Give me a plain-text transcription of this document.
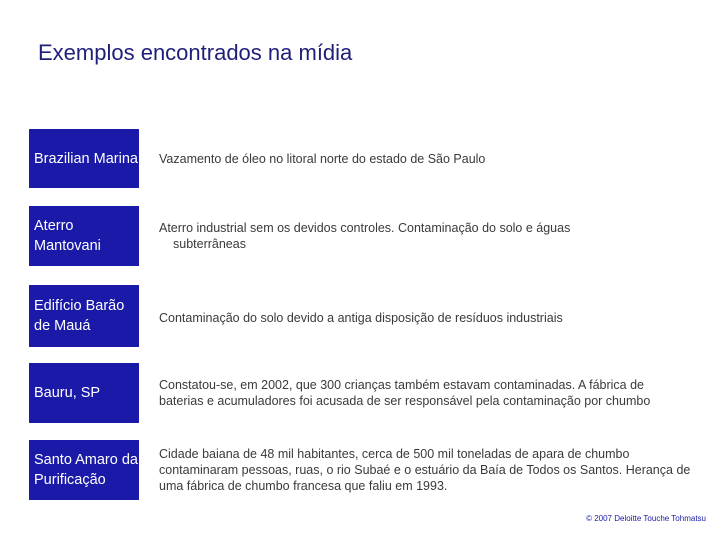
Exemplos encontrados na mídia
Brazilian Marina Vazamento de óleo no litoral norte do estado de São Paulo
Aterro Mantovani
Aterro industrial sem os devidos controles. Contaminação do solo e águas subterrâneas
Edifício Barão de Mauá	Contaminação do solo devido a antiga disposição de resíduos industriais
Bauru, SP	Constatou-se, em 2002, que 300 crianças também estavam contaminadas. A fábrica de baterias e acumuladores foi acusada de ser responsável pela contaminação por chumbo
Santo Amaro da Purificação
Cidade baiana de 48 mil habitantes, cerca de 500 mil toneladas de apara de chumbo contaminaram pessoas, ruas, o rio Subaé e o estuário da Baía de Todos os Santos. Herança de uma fábrica de chumbo francesa que faliu em 1993.
© 2007 Deloitte Touche Tohmatsu
